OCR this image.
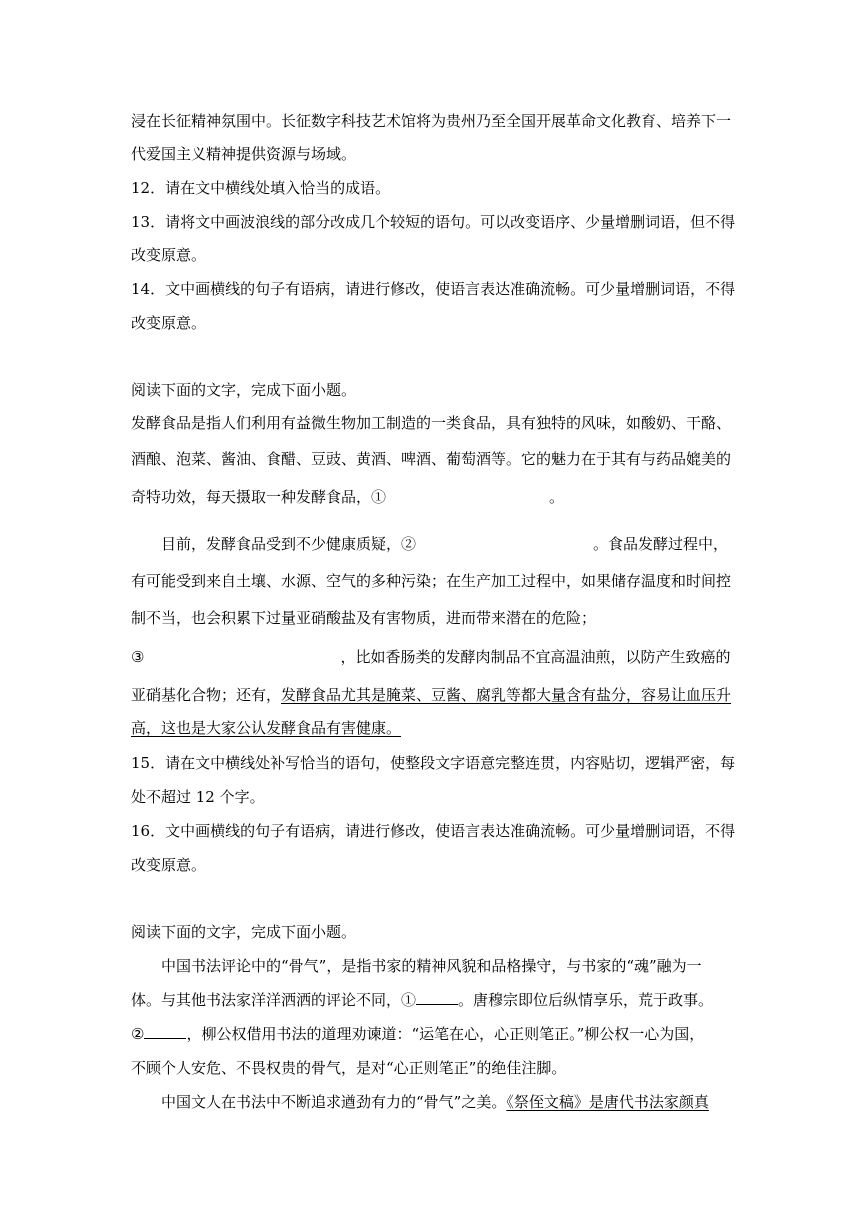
浸在长征精神氛围中。长征数字科技艺术馆将为贵州乃至全国开展革命文化教育、培养下一
代爱国主义精神提供资源与场域。
12．请在文中横线处填入恰当的成语。
13．请将文中画波浪线的部分改成几个较短的语句。可以改变语序、少量增删词语，但不得
改变原意。
14．文中画横线的句子有语病，请进行修改，使语言表达准确流畅。可少量增删词语，不得
改变原意。
阅读下面的文字，完成下面小题。
发酵食品是指人们利用有益微生物加工制造的一类食品，具有独特的风味，如酸奶、干酪、
酒酿、泡菜、酱油、食醋、豆豉、黄酒、啤酒、葡萄酒等。它的魅力在于其有与药品媲美的
奇特功效，每天摄取一种发酵食品，①	。
目前，发酵食品受到不少健康质疑，②	。食品发酵过程中，
有可能受到来自土壤、水源、空气的多种污染；在生产加工过程中，如果储存温度和时间控
制不当，也会积累下过量亚硝酸盐及有害物质，进而带来潜在的危险；
③	，比如香肠类的发酵肉制品不宜高温油煎，以防产生致癌的
亚硝基化合物；还有，发酵食品尤其是腌菜、豆酱、腐乳等都大量含有盐分，容易让血压升
高，这也是大家公认发酵食品有害健康。
15．请在文中横线处补写恰当的语句，使整段文字语意完整连贯，内容贴切，逻辑严密，每
处不超过 12 个字。
16．文中画横线的句子有语病，请进行修改，使语言表达准确流畅。可少量增删词语，不得
改变原意。
阅读下面的文字，完成下面小题。
中国书法评论中的“骨气”，是指书家的精神风貌和品格操守，与书家的“魂”融为一
体。与其他书法家洋洋洒洒的评论不同，①	。唐穆宗即位后纵情享乐，荒于政事。
②	，柳公权借用书法的道理劝谏道：“运笔在心，心正则笔正。”柳公权一心为国，
不顾个人安危、不畏权贵的骨气，是对“心正则笔正”的绝佳注脚。
中国文人在书法中不断追求遒劲有力的“骨气”之美。《祭侄文稿》是唐代书法家颜真
